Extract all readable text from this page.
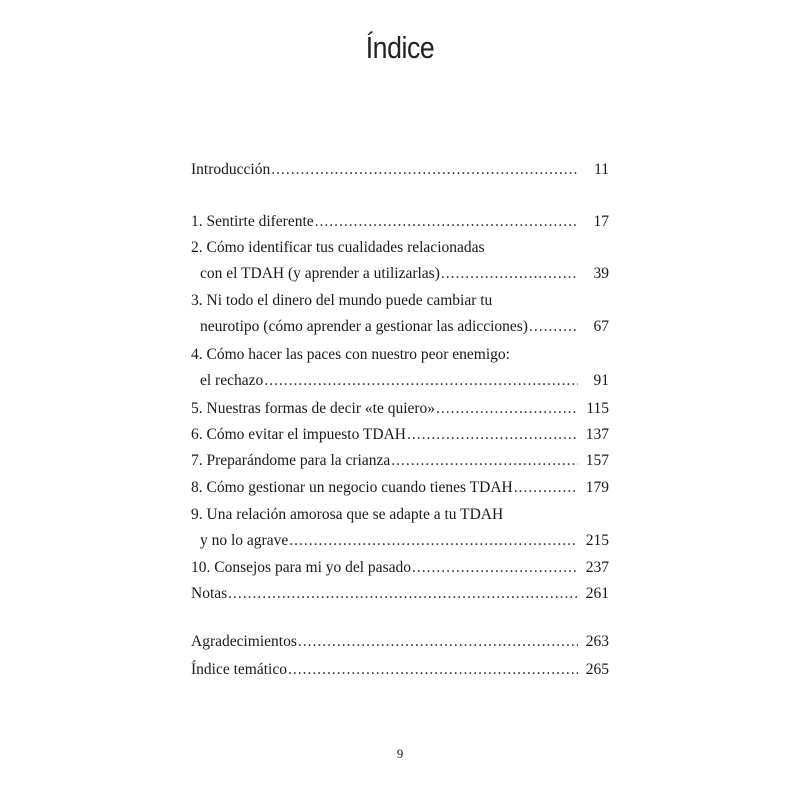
Índice
Introducción .....	11
1. Sentirte diferente .....	17
2. Cómo identificar tus cualidades relacionadas
con el TDAH (y aprender a utilizarlas) .....	39
3. Ni todo el dinero del mundo puede cambiar tu
neurotipo (cómo aprender a gestionar las adicciones) .....	67
4. Cómo hacer las paces con nuestro peor enemigo:
el rechazo .....	91
5. Nuestras formas de decir «te quiero» .....	115
6. Cómo evitar el impuesto TDAH .....	137
7. Preparándome para la crianza .....	157
8. Cómo gestionar un negocio cuando tienes TDAH .....	179
9. Una relación amorosa que se adapte a tu TDAH
y no lo agrave .....	215
10. Consejos para mi yo del pasado .....	237
Notas .....	261
Agradecimientos .....	263
Índice temático .....	265
9
